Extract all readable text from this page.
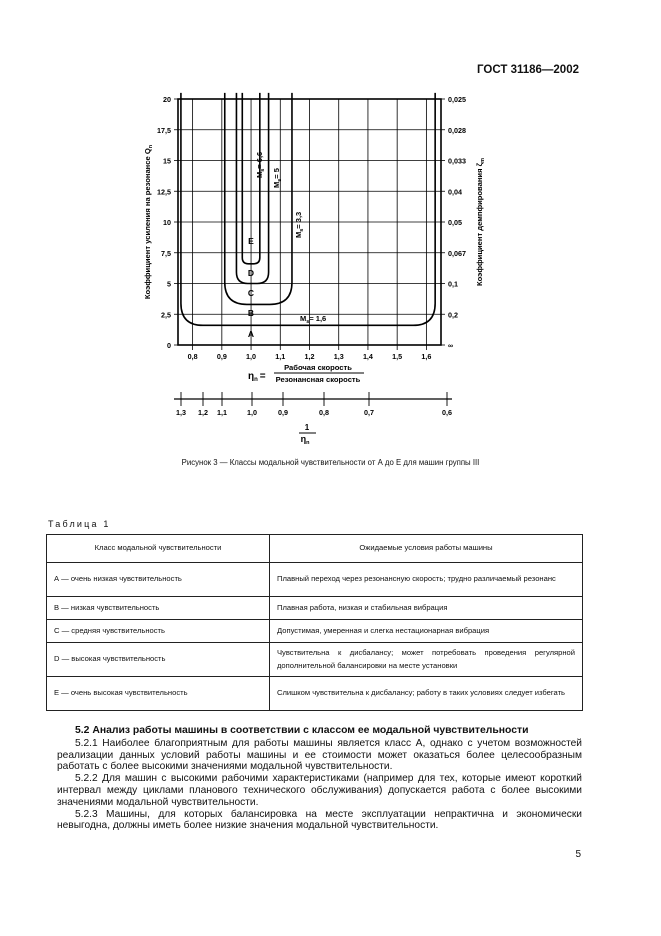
ГОСТ 31186—2002
0
2,5
5
7,5
10
12,5
15
17,5
20
∞
0,2
0,1
0,067
0,05
0,04
0,033
0,028
0,025
0,8	0,9	1,0	1,1	1,2	1,3	1,4	1,5	1,6
$M_s= 6,6$
$M_s= 5$
$M_s= 3,3$
$M_s= 1,6$
E
D
C
B
A
Коэффициент усиления на резонансе $Q_n$
Коэффициент демпфирования $\zeta_m$
$\eta_n$ =
Рабочая скорость
Резонансная скорость
1,3 1,2 1,1	1,0	0,9	0,8	0,7	0,6
1
$\eta_n$
Рисунок 3 — Классы модальной чувствительности от А до Е для машин группы III
Таблица 1
Класс модальной чувствительности	Ожидаемые условия работы машины
А — очень низкая чувствительность	Плавный переход через резонансную скорость; трудно различаемый резонанс
В — низкая чувствительность	Плавная работа, низкая и стабильная вибрация
С — средняя чувствительность	Допустимая, умеренная и слегка нестационарная вибрация
D — высокая чувствительность	Чувствительна к дисбалансу; может потребовать проведения регулярной дополнительной балансировки на месте установки
Е — очень высокая чувствительность	Слишком чувствительна к дисбалансу; работу в таких условиях следует избегать
5.2 Анализ работы машины в соответствии с классом ее модальной чувствительности

5.2.1 Наиболее благоприятным для работы машины является класс А, однако с учетом возможностей реализации данных условий работы машины и ее стоимости может оказаться более целесообразным работать с более высокими значениями модальной чувствительности.

5.2.2 Для машин с высокими рабочими характеристиками (например для тех, которые имеют короткий интервал между циклами планового технического обслуживания) допускается работа с более высокими значениями модальной чувствительности.

5.2.3 Машины, для которых балансировка на месте эксплуатации непрактична и экономически невыгодна, должны иметь более низкие значения модальной чувствительности.

5
